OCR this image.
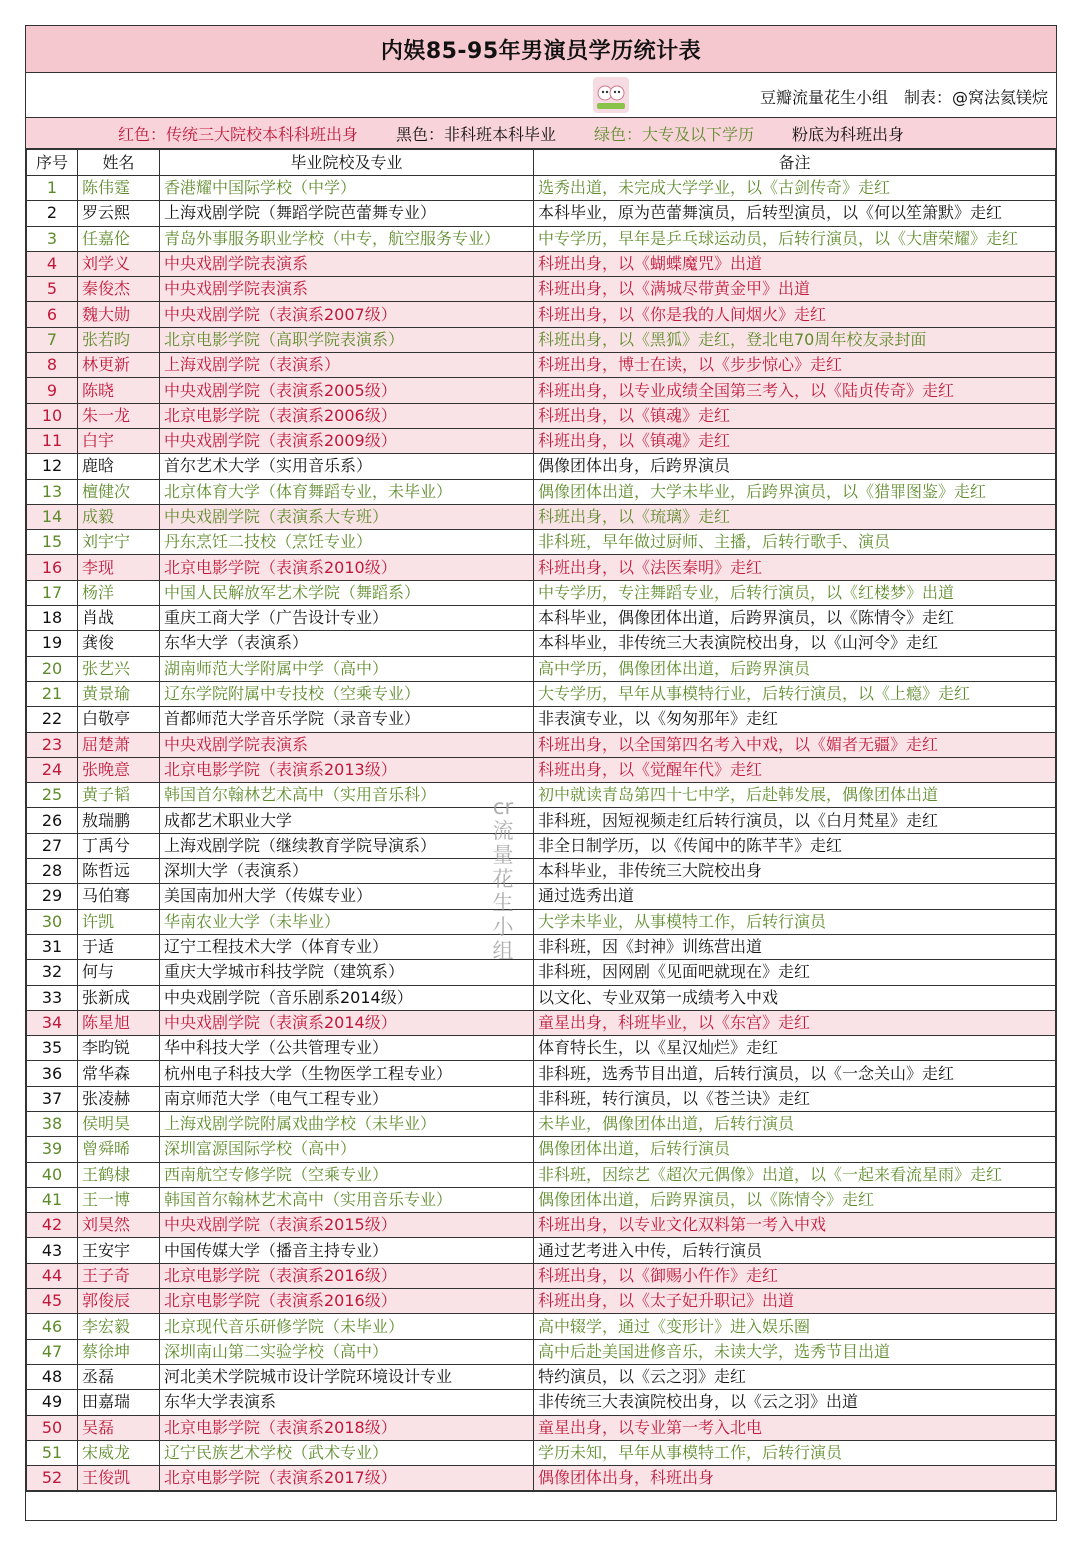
内娱85-95年男演员学历统计表
豆瓣流量花生小组　制表：@窝法氦镁烷
红色：传统三大院校本科科班出身 黑色：非科班本科毕业 绿色：大专及以下学历 粉底为科班出身
序号	姓名	毕业院校及专业	备注
1	陈伟霆	香港耀中国际学校（中学）	选秀出道，未完成大学学业，以《古剑传奇》走红
2	罗云熙	上海戏剧学院（舞蹈学院芭蕾舞专业）	本科毕业，原为芭蕾舞演员，后转型演员，以《何以笙箫默》走红
3	任嘉伦	青岛外事服务职业学校（中专，航空服务专业）	中专学历，早年是乒乓球运动员，后转行演员，以《大唐荣耀》走红
4	刘学义	中央戏剧学院表演系	科班出身，以《蝴蝶魔咒》出道
5	秦俊杰	中央戏剧学院表演系	科班出身，以《满城尽带黄金甲》出道
6	魏大勋	中央戏剧学院（表演系2007级）	科班出身，以《你是我的人间烟火》走红
7	张若昀	北京电影学院（高职学院表演系）	科班出身，以《黑狐》走红，登北电70周年校友录封面
8	林更新	上海戏剧学院（表演系）	科班出身，博士在读，以《步步惊心》走红
9	陈晓	中央戏剧学院（表演系2005级）	科班出身，以专业成绩全国第三考入，以《陆贞传奇》走红
10	朱一龙	北京电影学院（表演系2006级）	科班出身，以《镇魂》走红
11	白宇	中央戏剧学院（表演系2009级）	科班出身，以《镇魂》走红
12	鹿晗	首尔艺术大学（实用音乐系）	偶像团体出身，后跨界演员
13	檀健次	北京体育大学（体育舞蹈专业，未毕业）	偶像团体出道，大学未毕业，后跨界演员，以《猎罪图鉴》走红
14	成毅	中央戏剧学院（表演系大专班）	科班出身，以《琉璃》走红
15	刘宇宁	丹东烹饪二技校（烹饪专业）	非科班，早年做过厨师、主播，后转行歌手、演员
16	李现	北京电影学院（表演系2010级）	科班出身，以《法医秦明》走红
17	杨洋	中国人民解放军艺术学院（舞蹈系）	中专学历，专注舞蹈专业，后转行演员，以《红楼梦》出道
18	肖战	重庆工商大学（广告设计专业）	本科毕业，偶像团体出道，后跨界演员，以《陈情令》走红
19	龚俊	东华大学（表演系）	本科毕业，非传统三大表演院校出身，以《山河令》走红
20	张艺兴	湖南师范大学附属中学（高中）	高中学历，偶像团体出道，后跨界演员
21	黄景瑜	辽东学院附属中专技校（空乘专业）	大专学历，早年从事模特行业，后转行演员，以《上瘾》走红
22	白敬亭	首都师范大学音乐学院（录音专业）	非表演专业，以《匆匆那年》走红
23	屈楚萧	中央戏剧学院表演系	科班出身，以全国第四名考入中戏，以《媚者无疆》走红
24	张晚意	北京电影学院（表演系2013级）	科班出身，以《觉醒年代》走红
25	黄子韬	韩国首尔翰林艺术高中（实用音乐科）	初中就读青岛第四十七中学，后赴韩发展，偶像团体出道
26	敖瑞鹏	成都艺术职业大学	非科班，因短视频走红后转行演员，以《白月梵星》走红
27	丁禹兮	上海戏剧学院（继续教育学院导演系）	非全日制学历，以《传闻中的陈芊芊》走红
28	陈哲远	深圳大学（表演系）	本科毕业，非传统三大院校出身
29	马伯骞	美国南加州大学（传媒专业）	通过选秀出道
30	许凯	华南农业大学（未毕业）	大学未毕业，从事模特工作，后转行演员
31	于适	辽宁工程技术大学（体育专业）	非科班，因《封神》训练营出道
32	何与	重庆大学城市科技学院（建筑系）	非科班，因网剧《见面吧就现在》走红
33	张新成	中央戏剧学院（音乐剧系2014级）	以文化、专业双第一成绩考入中戏
34	陈星旭	中央戏剧学院（表演系2014级）	童星出身，科班毕业，以《东宫》走红
35	李昀锐	华中科技大学（公共管理专业）	体育特长生，以《星汉灿烂》走红
36	常华森	杭州电子科技大学（生物医学工程专业）	非科班，选秀节目出道，后转行演员，以《一念关山》走红
37	张凌赫	南京师范大学（电气工程专业）	非科班，转行演员，以《苍兰诀》走红
38	侯明昊	上海戏剧学院附属戏曲学校（未毕业）	未毕业，偶像团体出道，后转行演员
39	曾舜晞	深圳富源国际学校（高中）	偶像团体出道，后转行演员
40	王鹤棣	西南航空专修学院（空乘专业）	非科班，因综艺《超次元偶像》出道，以《一起来看流星雨》走红
41	王一博	韩国首尔翰林艺术高中（实用音乐专业）	偶像团体出道，后跨界演员，以《陈情令》走红
42	刘昊然	中央戏剧学院（表演系2015级）	科班出身，以专业文化双料第一考入中戏
43	王安宇	中国传媒大学（播音主持专业）	通过艺考进入中传，后转行演员
44	王子奇	北京电影学院（表演系2016级）	科班出身，以《御赐小仵作》走红
45	郭俊辰	北京电影学院（表演系2016级）	科班出身，以《太子妃升职记》出道
46	李宏毅	北京现代音乐研修学院（未毕业）	高中辍学，通过《变形计》进入娱乐圈
47	蔡徐坤	深圳南山第二实验学校（高中）	高中后赴美国进修音乐，未读大学，选秀节目出道
48	丞磊	河北美术学院城市设计学院环境设计专业	特约演员，以《云之羽》走红
49	田嘉瑞	东华大学表演系	非传统三大表演院校出身，以《云之羽》出道
50	吴磊	北京电影学院（表演系2018级）	童星出身，以专业第一考入北电
51	宋威龙	辽宁民族艺术学校（武术专业）	学历未知，早年从事模特工作，后转行演员
52	王俊凯	北京电影学院（表演系2017级）	偶像团体出身，科班出身
cr流量花生小组
